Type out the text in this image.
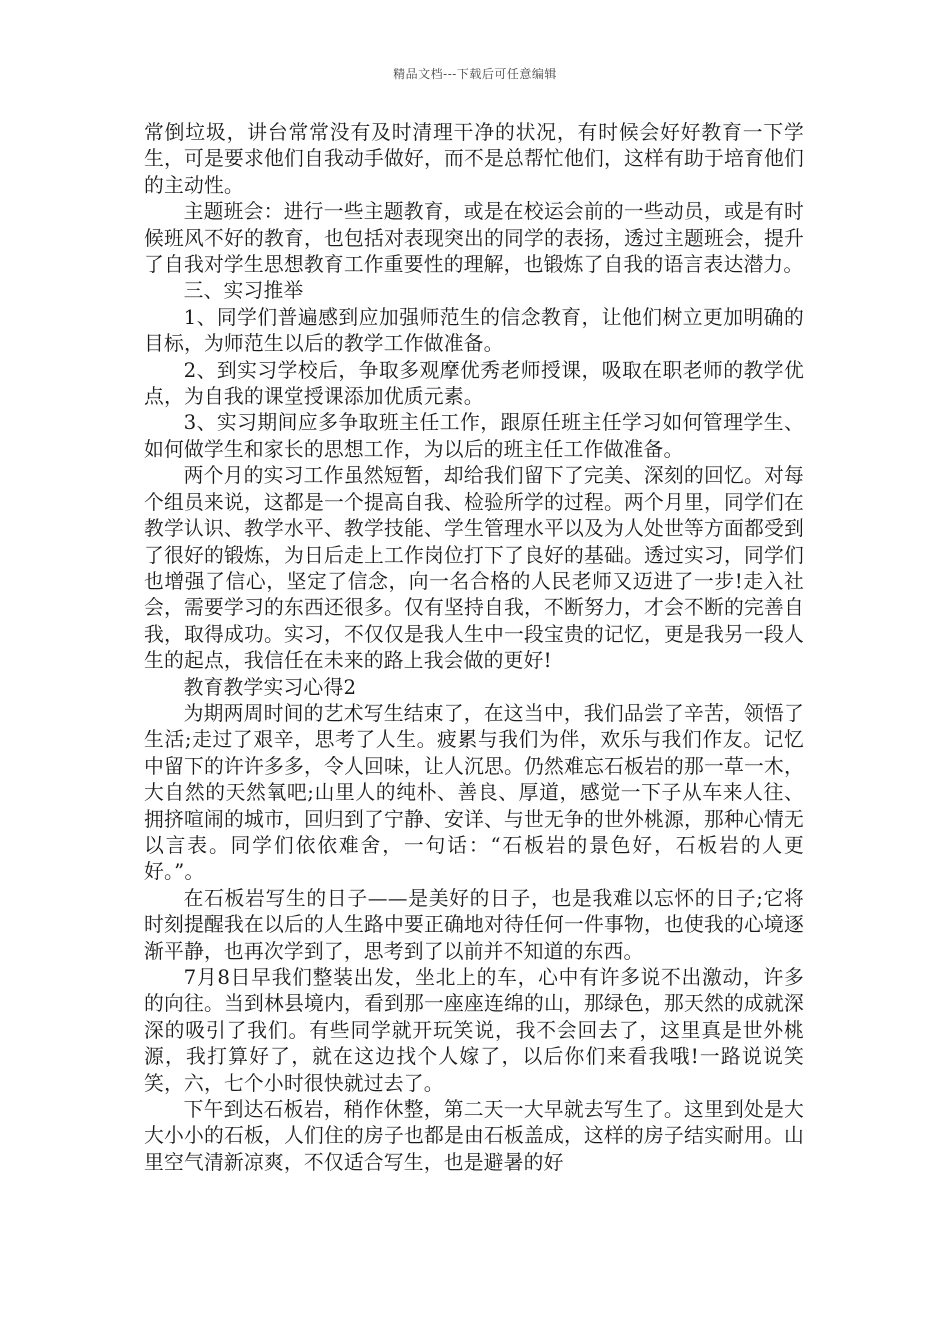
精品文档---下载后可任意编辑

常倒垃圾，讲台常常没有及时清理干净的状况，有时候会好好教育一下学生，可是要求他们自我动手做好，而不是总帮忙他们，这样有助于培育他们的主动性。

主题班会：进行一些主题教育，或是在校运会前的一些动员，或是有时候班风不好的教育，也包括对表现突出的同学的表扬，透过主题班会，提升了自我对学生思想教育工作重要性的理解，也锻炼了自我的语言表达潜力。

三、实习推举

1、同学们普遍感到应加强师范生的信念教育，让他们树立更加明确的目标，为师范生以后的教学工作做准备。

2、到实习学校后，争取多观摩优秀老师授课，吸取在职老师的教学优点，为自我的课堂授课添加优质元素。

3、实习期间应多争取班主任工作，跟原任班主任学习如何管理学生、如何做学生和家长的思想工作，为以后的班主任工作做准备。

两个月的实习工作虽然短暂，却给我们留下了完美、深刻的回忆。对每个组员来说，这都是一个提高自我、检验所学的过程。两个月里，同学们在教学认识、教学水平、教学技能、学生管理水平以及为人处世等方面都受到了很好的锻炼，为日后走上工作岗位打下了良好的基础。透过实习，同学们也增强了信心，坚定了信念，向一名合格的人民老师又迈进了一步!走入社会，需要学习的东西还很多。仅有坚持自我，不断努力，才会不断的完善自我，取得成功。实习，不仅仅是我人生中一段宝贵的记忆，更是我另一段人生的起点，我信任在未来的路上我会做的更好!

教育教学实习心得2

为期两周时间的艺术写生结束了，在这当中，我们品尝了辛苦，领悟了生活;走过了艰辛，思考了人生。疲累与我们为伴，欢乐与我们作友。记忆中留下的许许多多，令人回味，让人沉思。仍然难忘石板岩的那一草一木，大自然的天然氧吧;山里人的纯朴、善良、厚道，感觉一下子从车来人往、拥挤喧闹的城市，回归到了宁静、安详、与世无争的世外桃源，那种心情无以言表。同学们依依难舍，一句话：“石板岩的景色好，石板岩的人更好。”。

在石板岩写生的日子——是美好的日子，也是我难以忘怀的日子;它将时刻提醒我在以后的人生路中要正确地对待任何一件事物，也使我的心境逐渐平静，也再次学到了，思考到了以前并不知道的东西。

7月8日早我们整装出发，坐北上的车，心中有许多说不出激动，许多的向往。当到林县境内，看到那一座座连绵的山，那绿色，那天然的成就深深的吸引了我们。有些同学就开玩笑说，我不会回去了，这里真是世外桃源，我打算好了，就在这边找个人嫁了，以后你们来看我哦!一路说说笑笑，六，七个小时很快就过去了。

下午到达石板岩，稍作休整，第二天一大早就去写生了。这里到处是大大小小的石板，人们住的房子也都是由石板盖成，这样的房子结实耐用。山里空气清新凉爽，不仅适合写生，也是避暑的好
